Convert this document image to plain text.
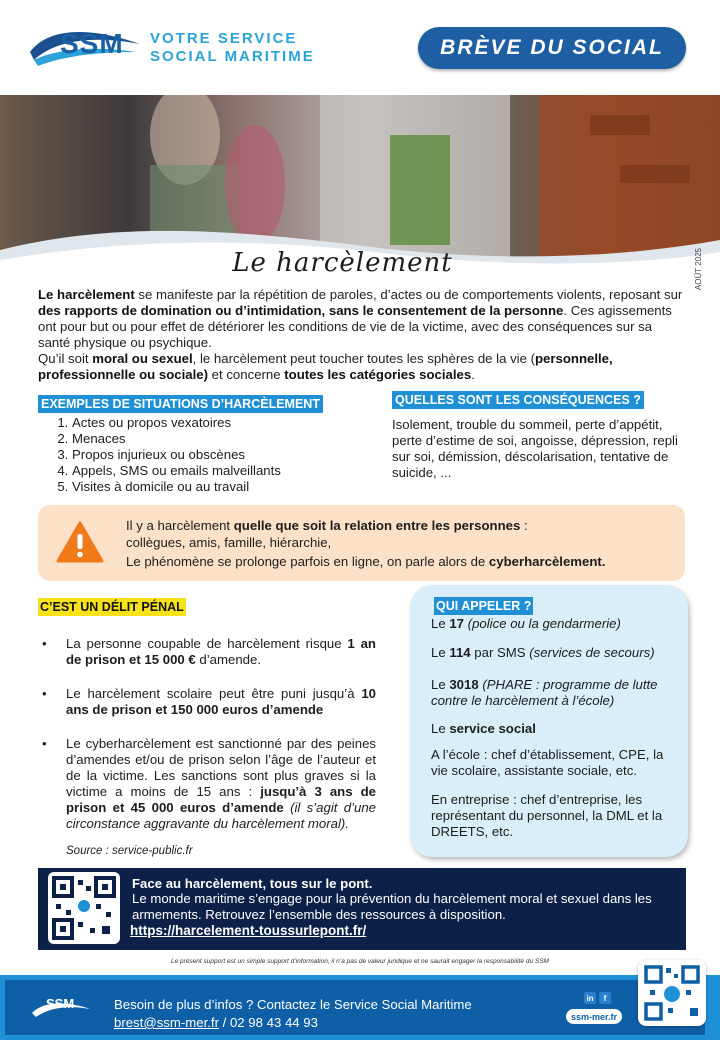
SSM VOTRE SERVICE
SOCIAL MARITIME	BRÈVE DU SOCIAL
AOÛT 2025
Le harcèlement

Le harcèlement se manifeste par la répétition de paroles, d’actes ou de comportements violents, reposant sur des rapports de domination ou d’intimidation, sans le consentement de la personne. Ces agissements ont pour but ou pour effet de détériorer les conditions de vie de la victime, avec des conséquences sur sa santé physique ou psychique.

Qu’il soit moral ou sexuel, le harcèlement peut toucher toutes les sphères de la vie (personnelle, professionnelle ou sociale) et concerne toutes les catégories sociales.

EXEMPLES DE SITUATIONS D’HARCÈLEMENT
1. Actes ou propos vexatoires
2. Menaces
3. Propos injurieux ou obscènes
4. Appels, SMS ou emails malveillants
5. Visites à domicile ou au travail
QUELLES SONT LES CONSÉQUENCES ?

Isolement, trouble du sommeil, perte d’appétit, perte d’estime de soi, angoisse, dépression, repli sur soi, démission, déscolarisation, tentative de suicide, ...

Il y a harcèlement quelle que soit la relation entre les personnes :
collègues, amis, famille, hiérarchie,
Le phénomène se prolonge parfois en ligne, on parle alors de cyberharcèlement.
C’EST UN DÉLIT PÉNAL
• La personne coupable de harcèlement risque 1 an de prison et 15 000 € d’amende.
• Le harcèlement scolaire peut être puni jusqu’à 10 ans de prison et 150 000 euros d’amende
• Le cyberharcèlement est sanctionné par des peines d’amendes et/ou de prison selon l’âge de l’auteur et de la victime. Les sanctions sont plus graves si la victime a moins de 15 ans : jusqu’à 3 ans de prison et 45 000 euros d’amende (il s’agit d’une circonstance aggravante du harcèlement moral).
Source : service-public.fr
QUI APPELER ?

Le 17 (police ou la gendarmerie)

Le 114 par SMS (services de secours)

Le 3018 (PHARE : programme de lutte contre le harcèlement à l’école)

Le service social

A l’école : chef d’établissement, CPE, la vie scolaire, assistante sociale, etc.

En entreprise : chef d’entreprise, les représentant du personnel, la DML et la DREETS, etc.

Face au harcèlement, tous sur le pont.
Le monde maritime s’engage pour la prévention du harcèlement moral et sexuel dans les armements. Retrouvez l’ensemble des ressources à disposition.
https://harcelement-toussurlepont.fr/
Le présent support est un simple support d’information, il n’a pas de valeur juridique et ne saurait engager la responsabilité du SSM
SSM	Besoin de plus d’infos ? Contactez le Service Social Maritime
brest@ssm-mer.fr / 02 98 43 44 93
in	f
ssm-mer.fr
